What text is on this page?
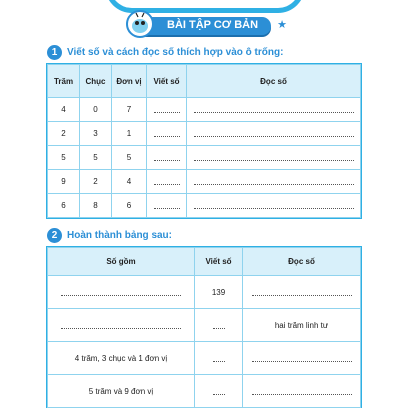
BÀI TẬP CƠ BẢN ★
1 Viết số và cách đọc số thích hợp vào ô trống:
Trăm	Chục	Đơn vị	Viết số	Đọc số
4	0	7		
2	3	1		
5	5	5		
9	2	4		
6	8	6		
2 Hoàn thành bảng sau:
Số gồm	Viết số	Đọc số
	139	
		hai trăm linh tư
4 trăm, 3 chục và 1 đơn vị		
5 trăm và 9 đơn vị		
